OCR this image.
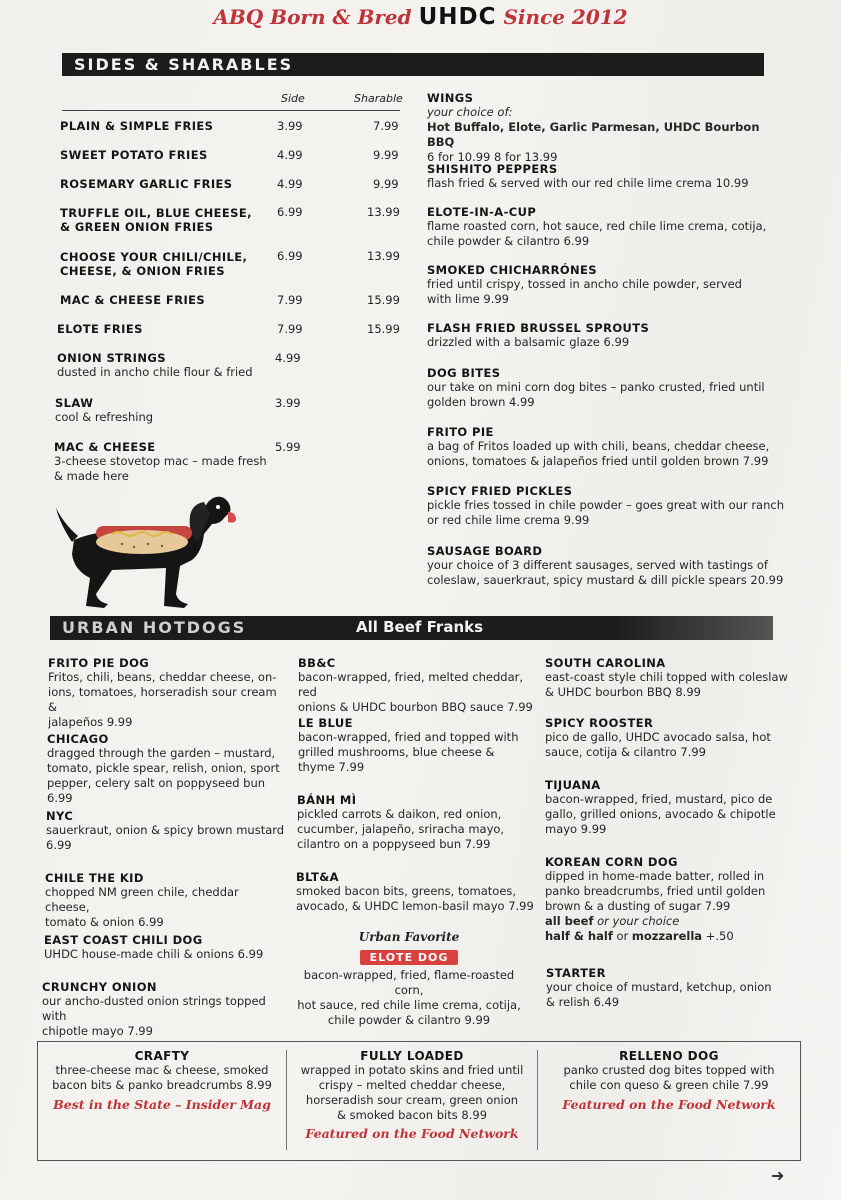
ABQ Born & Bred UHDC Since 2012
SIDES & SHARABLES
Side	Sharable
PLAIN & SIMPLE FRIES	3.99	7.99
SWEET POTATO FRIES	4.99	9.99
ROSEMARY GARLIC FRIES	4.99	9.99
TRUFFLE OIL, BLUE CHEESE,
& GREEN ONION FRIES
6.99	13.99
CHOOSE YOUR CHILI/CHILE,
CHEESE, & ONION FRIES
6.99	13.99
MAC & CHEESE FRIES	7.99	15.99
ELOTE FRIES	7.99	15.99
ONION STRINGS
dusted in ancho chile flour & fried
4.99
SLAW
cool & refreshing
3.99
MAC & CHEESE
3-cheese stovetop mac – made fresh
& made here
5.99
WINGS
your choice of:
Hot Buffalo, Elote, Garlic Parmesan, UHDC Bourbon BBQ
6 for 10.99 8 for 13.99
SHISHITO PEPPERS
flash fried & served with our red chile lime crema 10.99
ELOTE-IN-A-CUP
flame roasted corn, hot sauce, red chile lime crema, cotija,
chile powder & cilantro 6.99
SMOKED CHICHARRÓNES
fried until crispy, tossed in ancho chile powder, served
with lime 9.99
FLASH FRIED BRUSSEL SPROUTS
drizzled with a balsamic glaze 6.99
DOG BITES
our take on mini corn dog bites – panko crusted, fried until
golden brown 4.99
FRITO PIE
a bag of Fritos loaded up with chili, beans, cheddar cheese,
onions, tomatoes & jalapeños fried until golden brown 7.99
SPICY FRIED PICKLES
pickle fries tossed in chile powder – goes great with our ranch
or red chile lime crema 9.99
SAUSAGE BOARD
your choice of 3 different sausages, served with tastings of
coleslaw, sauerkraut, spicy mustard & dill pickle spears 20.99
URBAN HOTDOGS	All Beef Franks
FRITO PIE DOG
Fritos, chili, beans, cheddar cheese, on-
ions, tomatoes, horseradish sour cream &
jalapeños 9.99
CHICAGO
dragged through the garden – mustard,
tomato, pickle spear, relish, onion, sport
pepper, celery salt on poppyseed bun 6.99
NYC
sauerkraut, onion & spicy brown mustard
6.99
CHILE THE KID
chopped NM green chile, cheddar cheese,
tomato & onion 6.99
EAST COAST CHILI DOG
UHDC house-made chili & onions 6.99
CRUNCHY ONION
our ancho-dusted onion strings topped with
chipotle mayo 7.99
BB&C
bacon-wrapped, fried, melted cheddar, red
onions & UHDC bourbon BBQ sauce 7.99
LE BLUE
bacon-wrapped, fried and topped with
grilled mushrooms, blue cheese &
thyme 7.99
BÁNH MÌ
pickled carrots & daikon, red onion,
cucumber, jalapeño, sriracha mayo,
cilantro on a poppyseed bun 7.99
BLT&A
smoked bacon bits, greens, tomatoes,
avocado, & UHDC lemon-basil mayo 7.99
Urban Favorite
ELOTE DOG
bacon-wrapped, fried, flame-roasted corn,
hot sauce, red chile lime crema, cotija,
chile powder & cilantro 9.99
SOUTH CAROLINA
east-coast style chili topped with coleslaw
& UHDC bourbon BBQ 8.99
SPICY ROOSTER
pico de gallo, UHDC avocado salsa, hot
sauce, cotija & cilantro 7.99
TIJUANA
bacon-wrapped, fried, mustard, pico de
gallo, grilled onions, avocado & chipotle
mayo 9.99
KOREAN CORN DOG
dipped in home-made batter, rolled in
panko breadcrumbs, fried until golden
brown & a dusting of sugar 7.99
all beef or your choice
half & half or mozzarella +.50
STARTER
your choice of mustard, ketchup, onion
& relish 6.49
CRAFTY
three-cheese mac & cheese, smoked
bacon bits & panko breadcrumbs 8.99
Best in the State – Insider Mag
FULLY LOADED
wrapped in potato skins and fried until
crispy – melted cheddar cheese,
horseradish sour cream, green onion
& smoked bacon bits 8.99
Featured on the Food Network
RELLENO DOG
panko crusted dog bites topped with
chile con queso & green chile 7.99
Featured on the Food Network
➜
